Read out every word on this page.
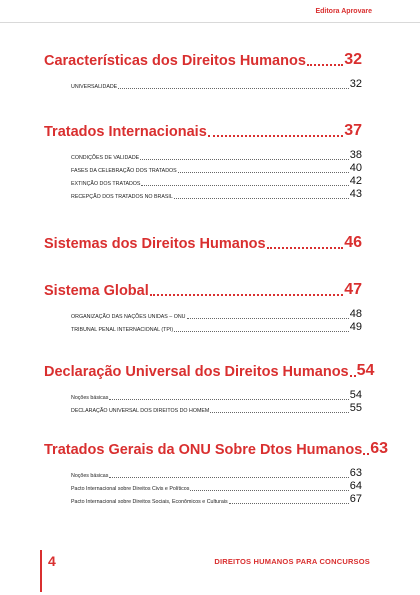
Editora Aprovare
Características dos Direitos Humanos 32
UNIVERSALIDADE	32
Tratados Internacionais	37
CONDIÇÕES DE VALIDADE	38
FASES DA CELEBRAÇÃO DOS TRATADOS	40
EXTINÇÃO DOS TRATADOS	42
RECEPÇÃO DOS TRATADOS NO BRASIL	43
Sistemas dos Direitos Humanos	46
Sistema Global	47
ORGANIZAÇÃO DAS NAÇÕES UNIDAS – ONU	48
TRIBUNAL PENAL INTERNACIONAL (TPI)	49
Declaração Universal dos Direitos Humanos 54
Noções básicas	54
DECLARAÇÃO UNIVERSAL DOS DIREITOS DO HOMEM	55
Tratados Gerais da ONU Sobre Dtos Humanos 63
Noções básicas	63
Pacto Internacional sobre Direitos Civis e Políticos	64
Pacto Internacional sobre Direitos Sociais, Econômicos e Culturais	67
4	DIREITOS HUMANOS PARA CONCURSOS
